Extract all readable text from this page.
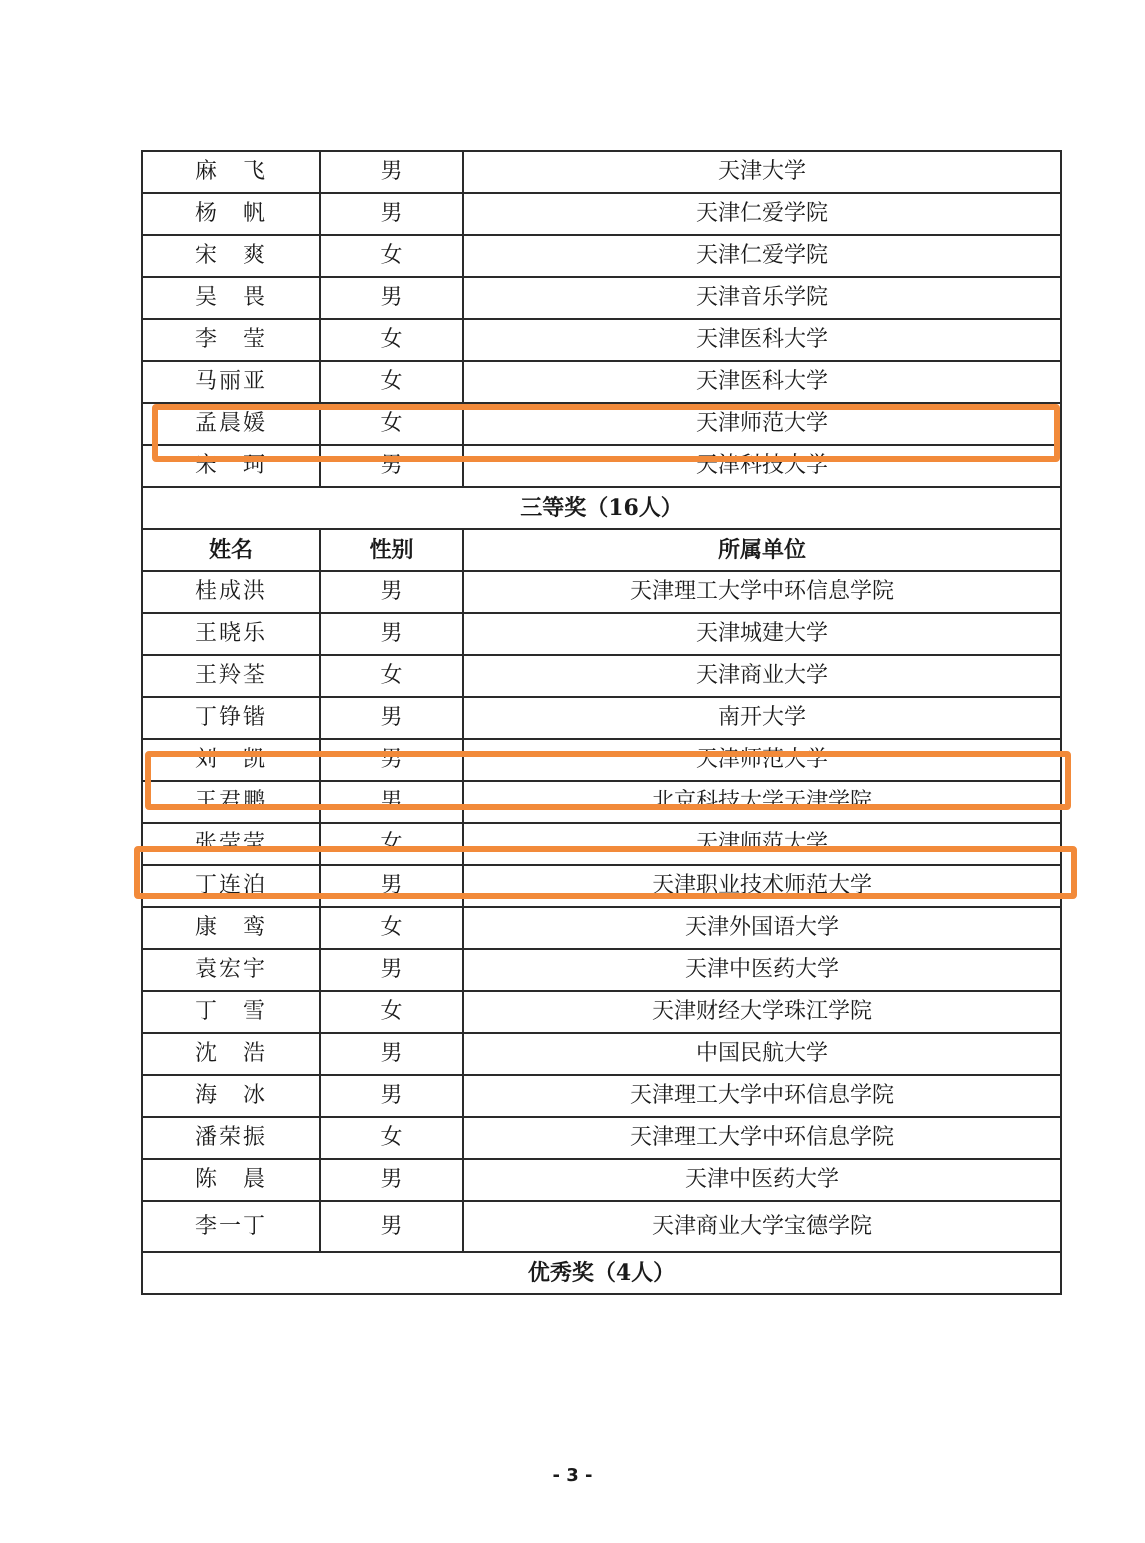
麻　飞	男	天津大学
杨　帆	男	天津仁爱学院
宋　爽	女	天津仁爱学院
吴　畏	男	天津音乐学院
李　莹	女	天津医科大学
马丽亚	女	天津医科大学
孟晨媛	女	天津师范大学
宋　珂	男	天津科技大学
三等奖（16人）		
姓名	性别	所属单位
桂成洪	男	天津理工大学中环信息学院
王晓乐	男	天津城建大学
王羚荃	女	天津商业大学
丁铮锴	男	南开大学
刘　凯	男	天津师范大学
王君鹏	男	北京科技大学天津学院
张莹莹	女	天津师范大学
丁连泊	男	天津职业技术师范大学
康　鸾	女	天津外国语大学
袁宏宇	男	天津中医药大学
丁　雪	女	天津财经大学珠江学院
沈　浩	男	中国民航大学
海　冰	男	天津理工大学中环信息学院
潘荣振	女	天津理工大学中环信息学院
陈　晨	男	天津中医药大学
李一丁	男	天津商业大学宝德学院
优秀奖（4人）		
- 3 -
